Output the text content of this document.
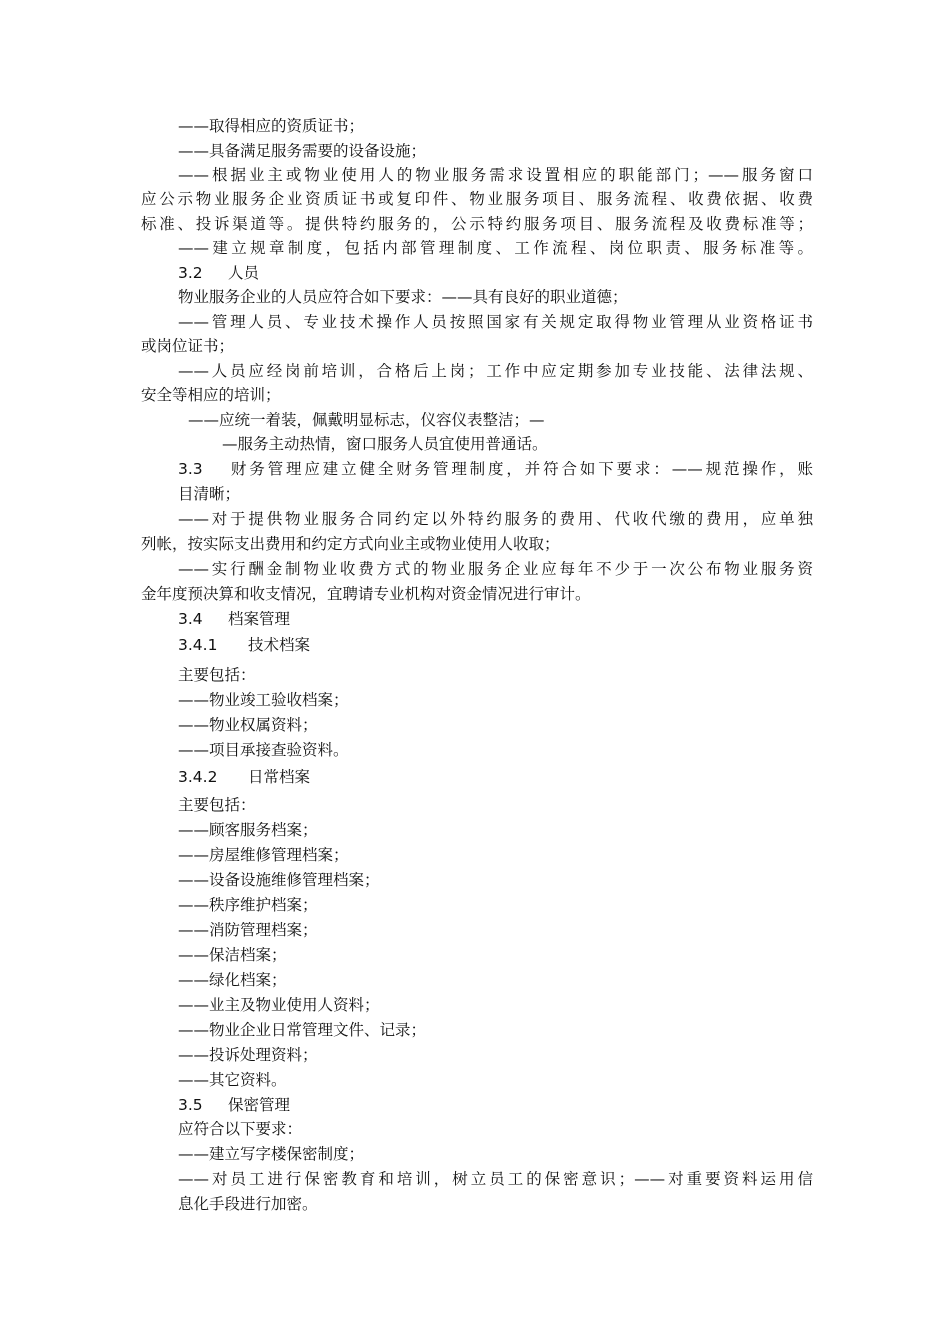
——取得相应的资质证书；
——具备满足服务需要的设备设施；
——根据业主或物业使用人的物业服务需求设置相应的职能部门；——服务窗口
应公示物业服务企业资质证书或复印件、物业服务项目、服务流程、收费依据、收费
标准、投诉渠道等。提供特约服务的，公示特约服务项目、服务流程及收费标准等；
——建立规章制度，包括内部管理制度、工作流程、岗位职责、服务标准等。
3.2 人员
物业服务企业的人员应符合如下要求：——具有良好的职业道德；
——管理人员、专业技术操作人员按照国家有关规定取得物业管理从业资格证书
或岗位证书；
——人员应经岗前培训，合格后上岗；工作中应定期参加专业技能、法律法规、
安全等相应的培训；
——应统一着装，佩戴明显标志，仪容仪表整洁；—
—服务主动热情，窗口服务人员宜使用普通话。
3.3 财务管理应建立健全财务管理制度，并符合如下要求：——规范操作，账
目清晰；
——对于提供物业服务合同约定以外特约服务的费用、代收代缴的费用，应单独
列帐，按实际支出费用和约定方式向业主或物业使用人收取；
——实行酬金制物业收费方式的物业服务企业应每年不少于一次公布物业服务资
金年度预决算和收支情况，宜聘请专业机构对资金情况进行审计。
3.4 档案管理
3.4.1 技术档案
主要包括：
——物业竣工验收档案；
——物业权属资料；
——项目承接查验资料。
3.4.2 日常档案
主要包括：
——顾客服务档案；
——房屋维修管理档案；
——设备设施维修管理档案；
——秩序维护档案；
——消防管理档案；
——保洁档案；
——绿化档案；
——业主及物业使用人资料；
——物业企业日常管理文件、记录；
——投诉处理资料；
——其它资料。
3.5 保密管理
应符合以下要求：
——建立写字楼保密制度；
——对员工进行保密教育和培训，树立员工的保密意识；——对重要资料运用信
息化手段进行加密。
